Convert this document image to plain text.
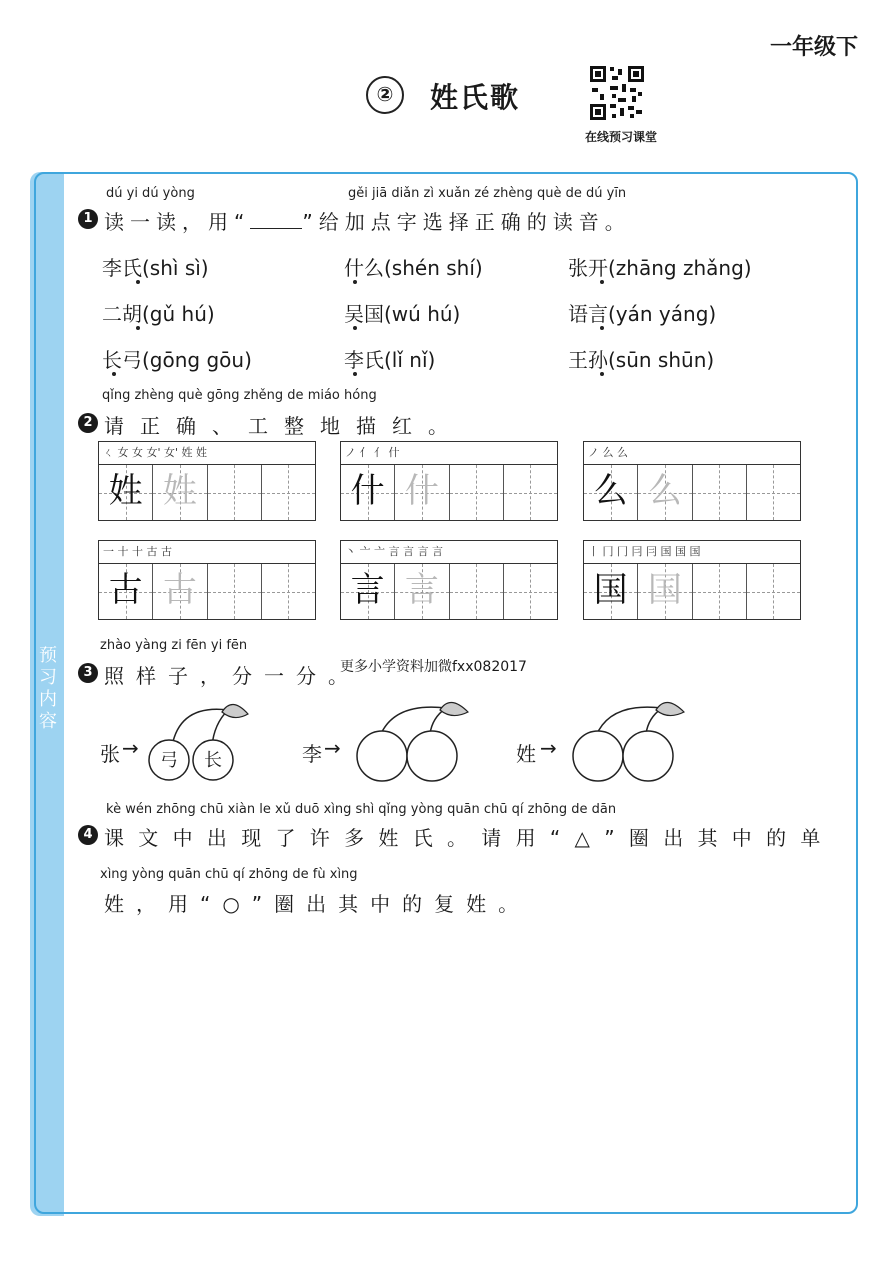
一年级下
②	姓氏歌
在线预习课堂
预习内容
dú yi dú yòng	gěi jiā diǎn zì xuǎn zé zhèng què de dú yīn
1 读一读，用“	”给加点字选择正确的读音。
李氏(shì sì)	什么(shén shí)	张开(zhāng zhǎng)
二胡(gǔ hú)	吴国(wú hú)	语言(yán yáng)
长弓(gōng gōu)	李氏(lǐ nǐ)	王孙(sūn shūn)
qǐng zhèng què gōng zhěng de miáo hóng
2 请正确、工整地描红。
ㄑ 女 女 女' 女' 姓 姓
姓 姓
ノ 亻 亻 什
什 什
ノ 么 么
么 么
一 十 十 古 古
古 古
丶 亠 亠 言 言 言 言
言 言
丨 冂 冂 冃 冃 国 国 国
国 国
zhào yàng zi fēn yi fēn
3 照样子，分一分。
更多小学资料加微fxx082017
张 →
弓 长	李 →	姓 →
kè wén zhōng chū xiàn le xǔ duō xìng shì qǐng yòng quān chū qí zhōng de dān
4 课文中出现了许多姓氏。请用“△”圈出其中的单
xìng yòng quān chū qí zhōng de fù xìng
姓，用“○”圈出其中的复姓。
